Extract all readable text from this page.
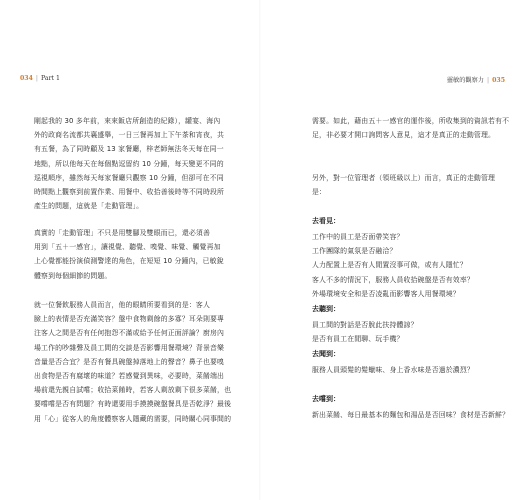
034 | Part 1

剛起我的 30 多年前，來來飯店所創造的紀錄），罐宴、海內
外的政商名流都共襄盛舉，一日三餐再加上下午茶和宵夜，共
有五餐，為了同時顧及 13 家餐廳，梓老師無法冬天每在同一
地點，所以他每天在每個點逗留約 10 分鐘，每天變更不同的
巡視順序，雖然每天每家餐廳只觀察 10 分鐘，但卻可在不同
時間點上觀察到前置作業、用餐中、收拾善後時等不同時段所
產生的問題，這就是「走動管理」。

真實的「走動管理」不只是用雙腳及雙眼而已，還必須善
用到「五＋一感官」，讓視覺、聽覺、嗅覺、味覺、觸覺再加
上心覺都能扮演偵測警達的角色，在短短 10 分鐘內，已敏銳
體察到每個細節的問題。

就一位餐飲服務人員而言，他的眼睛所要看到的是：客人
臉上的表情是否充滿笑容？盤中食物剩餘的多寡？耳朵則要專
注客人之間是否有任何抱怨不滿或給予任何正面評論？廚房內
場工作的吵雜聲及員工間的交談是否影響用餐環境？背景音樂
音量是否合宜？是否有餐具碗盤掉落地上的聲音？鼻子也要嗅
出食物是否有腐壞的味道？若感覺到異味，必要時，菜餚端出
場前還先親自試嚐；收拾菜餚時，若客人剩放剩下很多菜餚，也
要嚐嚐是否有問題？有時還要用手摸摸碗盤餐具是否乾淨？最後
用「心」從客人的角度體察客人隱藏的需要，同時關心同事間的

靈敏的觀察力 | 035

需要。如此，藉由五＋一感官的運作後，所收集到的資訊若有不
足，非必要才開口詢問客人意見，這才是真正的走動管理。

另外，對一位管理者（領班級以上）而言，真正的走動管理
是：

去看見：

工作中的員工是否面帶笑容？
工作團隊的氣氛是否融洽？
人力配置上是否有人閒置沒事可做，或有人隱忙？
客人不多的情況下，服務人員收拾碗盤是否有效率？
外場環境安全和是否凌亂而影響客人用餐環境？

去聽到：

員工間的對話是否脫此扶持體諒？
是否有員工在閒聊、玩手機？

去聞到：

服務人員頭髮的髮蠟味、身上香水味是否過於濃烈？

去嚐到：

新出菜餚、每日最基本的麵包和湯品是否回味？食材是否新鮮？
